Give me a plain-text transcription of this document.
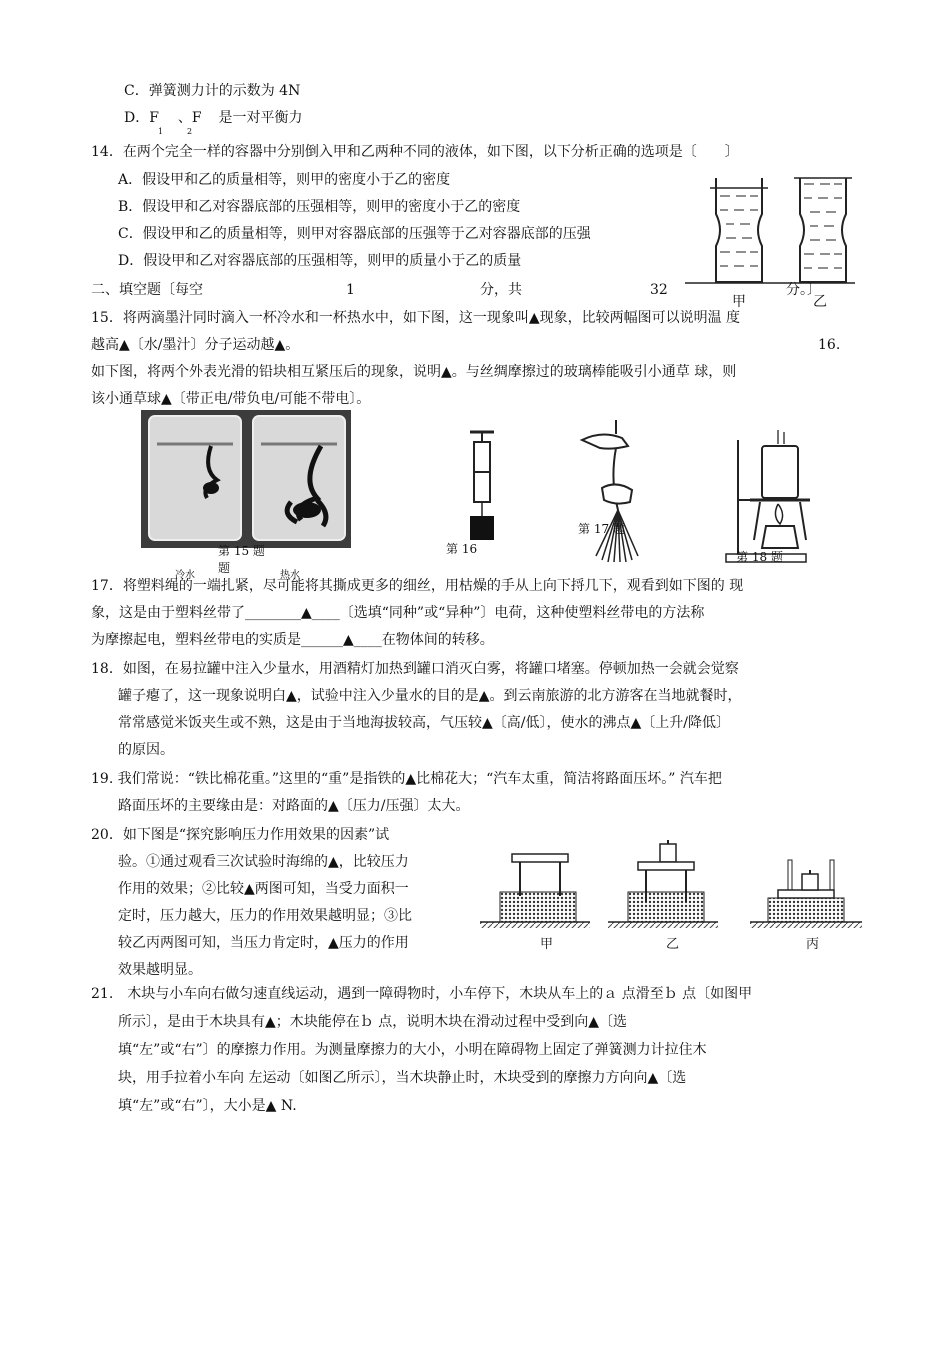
C．弹簧测力计的示数为 4N
D．F 、F 是一对平衡力
1	2
14．在两个完全一样的容器中分别倒入甲和乙两种不同的液体，如下图，以下分析正确的选项是〔　　〕
A．假设甲和乙的质量相等，则甲的密度小于乙的密度
B．假设甲和乙对容器底部的压强相等，则甲的密度小于乙的密度
C．假设甲和乙的质量相等，则甲对容器底部的压强等于乙对容器底部的压强
D．假设甲和乙对容器底部的压强相等，则甲的质量小于乙的质量
甲	乙
二、填空题〔每空	1	分，共	32	分。〕
15．将两滴墨汁同时滴入一杯冷水和一杯热水中，如下图，这一现象叫▲现象，比较两幅图可以说明温 度
越高▲〔水/墨汁〕分子运动越▲。	16.
如下图，将两个外表光滑的铅块相互紧压后的现象，说明▲。与丝绸摩擦过的玻璃棒能吸引小通草 球，则
该小通草球▲〔带正电/带负电/可能不带电〕。
第 15 题
题
冷水	热水
第 16
第 17 题
第 18 题
17．将塑料绳的一端扎紧，尽可能将其撕成更多的细丝，用枯燥的手从上向下捋几下，观看到如下图的 现
象，这是由于塑料丝带了________▲____〔选填“同种”或“异种”〕电荷，这种使塑料丝带电的方法称
为摩擦起电，塑料丝带电的实质是______▲____在物体间的转移。
18．如图，在易拉罐中注入少量水，用酒精灯加热到罐口消灭白雾，将罐口堵塞。停顿加热一会就会觉察
罐子瘪了，这一现象说明白▲，试验中注入少量水的目的是▲。到云南旅游的北方游客在当地就餐时，
常常感觉米饭夹生或不熟，这是由于当地海拔较高，气压较▲〔高/低〕，使水的沸点▲〔上升/降低〕
的原因。
19. 我们常说：“铁比棉花重。”这里的“重”是指铁的▲比棉花大；“汽车太重，简洁将路面压坏。” 汽车把
路面压坏的主要缘由是：对路面的▲〔压力/压强〕太大。
20．如下图是“探究影响压力作用效果的因素”试
验。①通过观看三次试验时海绵的▲，比较压力
作用的效果；②比较▲两图可知，当受力面积一
定时，压力越大，压力的作用效果越明显；③比
较乙丙两图可知，当压力肯定时，▲压力的作用
效果越明显。
甲	乙	丙
21.　木块与小车向右做匀速直线运动，遇到一障碍物时，小车停下，木块从车上的ａ 点滑至ｂ 点〔如图甲
所示〕，是由于木块具有▲；木块能停在ｂ 点，说明木块在滑动过程中受到向▲〔选
填“左”或“右”〕的摩擦力作用。为测量摩擦力的大小，小明在障碍物上固定了弹簧测力计拉住木
块，用手拉着小车向 左运动〔如图乙所示〕，当木块静止时，木块受到的摩擦力方向向▲〔选
填“左”或“右”〕，大小是▲ N.
